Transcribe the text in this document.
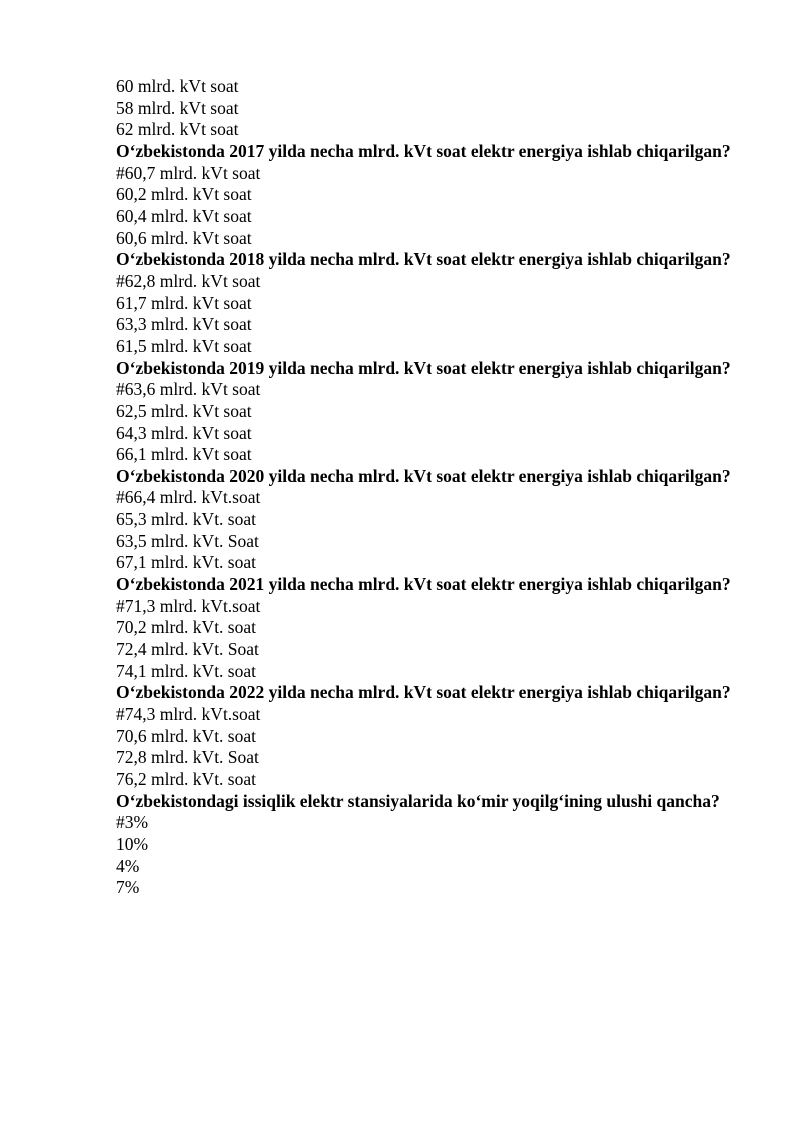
60 mlrd. kVt soat
58 mlrd. kVt soat
62 mlrd. kVt soat
O‘zbekistonda 2017 yilda necha mlrd. kVt soat elektr energiya ishlab chiqarilgan?
#60,7 mlrd. kVt soat
60,2 mlrd. kVt soat
60,4 mlrd. kVt soat
60,6 mlrd. kVt soat
O‘zbekistonda 2018 yilda necha mlrd. kVt soat elektr energiya ishlab chiqarilgan?
#62,8 mlrd. kVt soat
61,7 mlrd. kVt soat
63,3 mlrd. kVt soat
61,5 mlrd. kVt soat
O‘zbekistonda 2019 yilda necha mlrd. kVt soat elektr energiya ishlab chiqarilgan?
#63,6 mlrd. kVt soat
62,5 mlrd. kVt soat
64,3 mlrd. kVt soat
66,1 mlrd. kVt soat
O‘zbekistonda 2020 yilda necha mlrd. kVt soat elektr energiya ishlab chiqarilgan?
#66,4 mlrd. kVt.soat
65,3 mlrd. kVt. soat
63,5 mlrd. kVt. Soat
67,1 mlrd. kVt. soat
O‘zbekistonda 2021 yilda necha mlrd. kVt soat elektr energiya ishlab chiqarilgan?
#71,3 mlrd. kVt.soat
70,2 mlrd. kVt. soat
72,4 mlrd. kVt. Soat
74,1 mlrd. kVt. soat
O‘zbekistonda 2022 yilda necha mlrd. kVt soat elektr energiya ishlab chiqarilgan?
#74,3 mlrd. kVt.soat
70,6 mlrd. kVt. soat
72,8 mlrd. kVt. Soat
76,2 mlrd. kVt. soat
O‘zbekistondagi issiqlik elektr stansiyalarida ko‘mir yoqilg‘ining ulushi qancha?
#3%
10%
4%
7%
